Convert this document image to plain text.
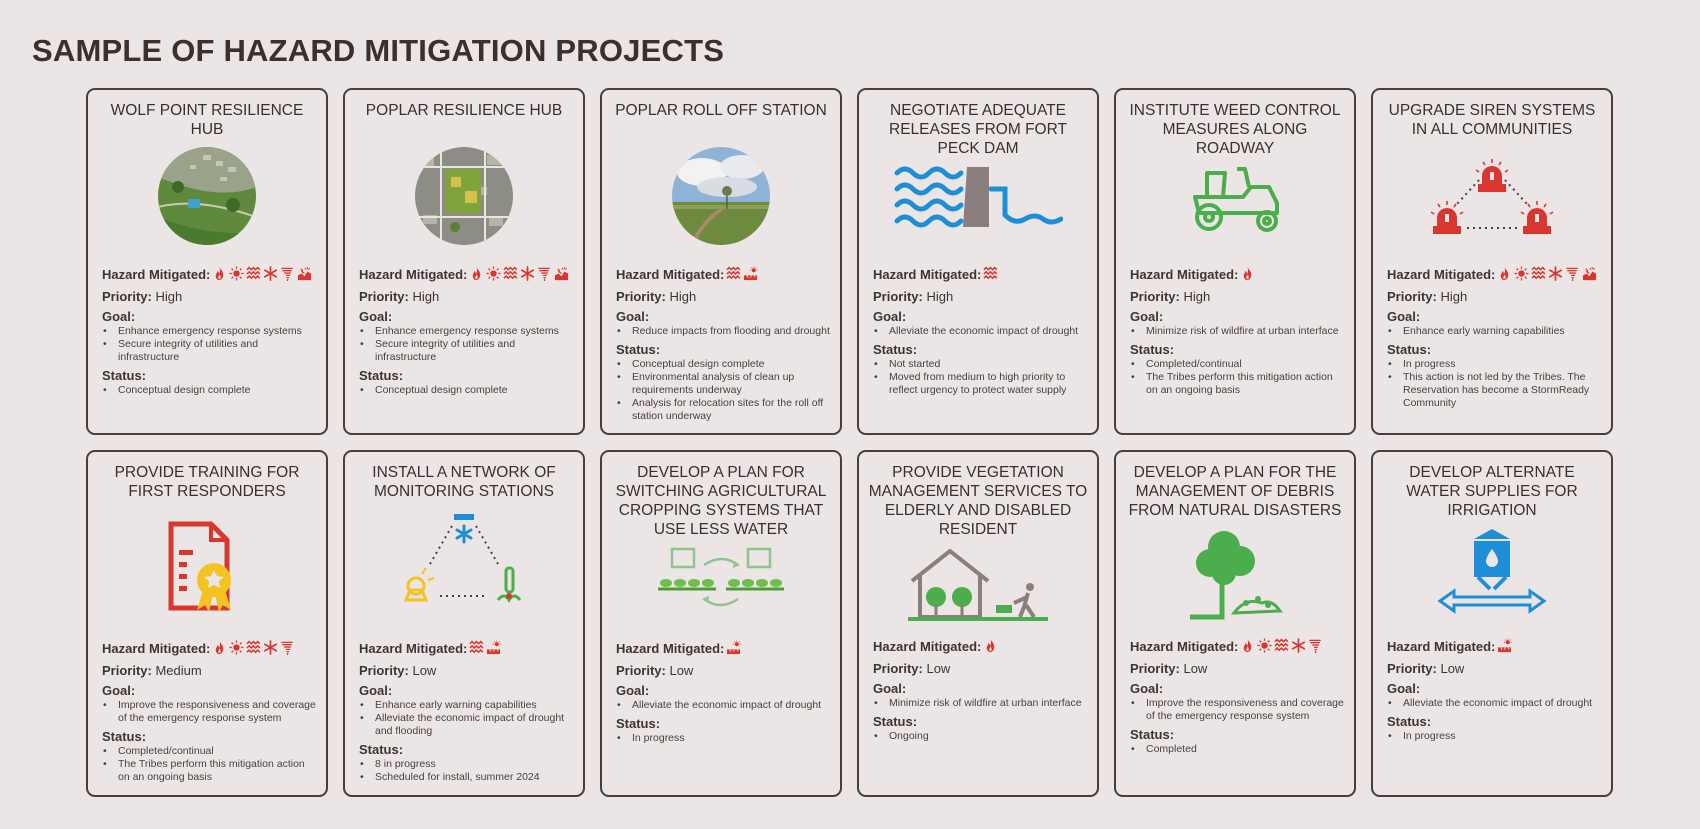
SAMPLE OF HAZARD MITIGATION PROJECTS
WOLF POINT RESILIENCE HUB
Hazard Mitigated:
Priority: High
Goal:
• Enhance emergency response systems
• Secure integrity of utilities and infrastructure
Status:
• Conceptual design complete
POPLAR RESILIENCE HUB
Hazard Mitigated:
Priority: High
Goal:
• Enhance emergency response systems
• Secure integrity of utilities and infrastructure
Status:
• Conceptual design complete
POPLAR ROLL OFF STATION
Hazard Mitigated:
Priority: High
Goal:
• Reduce impacts from flooding and drought
Status:
• Conceptual design complete
• Environmental analysis of clean up requirements underway
• Analysis for relocation sites for the roll off station underway
NEGOTIATE ADEQUATE RELEASES FROM FORT PECK DAM
Hazard Mitigated:
Priority: High
Goal:
• Alleviate the economic impact of drought
Status:
• Not started
• Moved from medium to high priority to reflect urgency to protect water supply
INSTITUTE WEED CONTROL MEASURES ALONG ROADWAY
Hazard Mitigated:
Priority: High
Goal:
• Minimize risk of wildfire at urban interface
Status:
• Completed/continual
• The Tribes perform this mitigation action on an ongoing basis
UPGRADE SIREN SYSTEMS IN ALL COMMUNITIES
Hazard Mitigated:
Priority: High
Goal:
• Enhance early warning capabilities
Status:
• In progress
• This action is not led by the Tribes. The Reservation has become a StormReady Community
PROVIDE TRAINING FOR FIRST RESPONDERS
Hazard Mitigated:
Priority: Medium
Goal:
• Improve the responsiveness and coverage of the emergency response system
Status:
• Completed/continual
• The Tribes perform this mitigation action on an ongoing basis
INSTALL A NETWORK OF MONITORING STATIONS
Hazard Mitigated:
Priority: Low
Goal:
• Enhance early warning capabilities
• Alleviate the economic impact of drought and flooding
Status:
• 8 in progress
• Scheduled for install, summer 2024
DEVELOP A PLAN FOR SWITCHING AGRICULTURAL CROPPING SYSTEMS THAT USE LESS WATER
Hazard Mitigated:
Priority: Low
Goal:
• Alleviate the economic impact of drought
Status:
• In progress
PROVIDE VEGETATION MANAGEMENT SERVICES TO ELDERLY AND DISABLED RESIDENT
Hazard Mitigated:
Priority: Low
Goal:
• Minimize risk of wildfire at urban interface
Status:
• Ongoing
DEVELOP A PLAN FOR THE MANAGEMENT OF DEBRIS FROM NATURAL DISASTERS
Hazard Mitigated:
Priority: Low
Goal:
• Improve the responsiveness and coverage of the emergency response system
Status:
• Completed
DEVELOP ALTERNATE WATER SUPPLIES FOR IRRIGATION
Hazard Mitigated:
Priority: Low
Goal:
• Alleviate the economic impact of drought
Status:
• In progress
